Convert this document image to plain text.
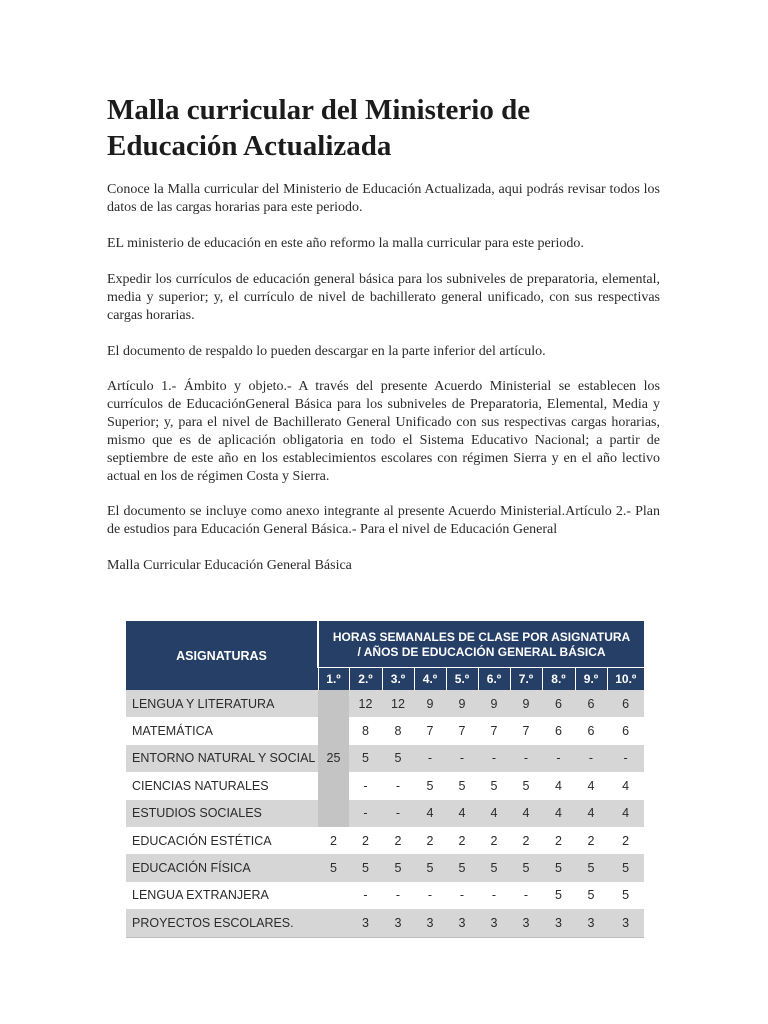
Malla curricular del Ministerio de Educación Actualizada

Conoce la Malla curricular del Ministerio de Educación Actualizada, aqui podrás revisar todos los datos de las cargas horarias para este periodo.

EL ministerio de educación en este año reformo la malla curricular para este periodo.

Expedir los currículos de educación general básica para los subniveles de preparatoria, elemental, media y superior; y, el currículo de nivel de bachillerato general unificado, con sus respectivas cargas horarias.

El documento de respaldo lo pueden descargar en la parte inferior del artículo.

Artículo 1.- Ámbito y objeto.- A través del presente Acuerdo Ministerial se establecen los currículos de EducaciónGeneral Básica para los subniveles de Preparatoria, Elemental, Media y Superior; y, para el nivel de Bachillerato General Unificado con sus respectivas cargas horarias, mismo que es de aplicación obligatoria en todo el Sistema Educativo Nacional; a partir de septiembre de este año en los establecimientos escolares con régimen Sierra y en el año lectivo actual en los de régimen Costa y Sierra.

El documento se incluye como anexo integrante al presente Acuerdo Ministerial.Artículo 2.- Plan de estudios para Educación General Básica.- Para el nivel de Educación General

Malla Curricular Educación General Básica

ASIGNATURAS	HORAS SEMANALES DE CLASE POR ASIGNATURA
/ AÑOS DE EDUCACIÓN GENERAL BÁSICA									

	1.º	2.º	3.º	4.º	5.º	6.º	7.º	8.º	9.º	10.º
LENGUA Y LITERATURA	25	12	12	9	9	9	9	6	6	6
MATEMÁTICA		8	8	7	7	7	7	6	6	6
ENTORNO NATURAL Y SOCIAL		5	5	-	-	-	-	-	-	-
CIENCIAS NATURALES		-	-	5	5	5	5	4	4	4
ESTUDIOS SOCIALES		-	-	4	4	4	4	4	4	4
EDUCACIÓN ESTÉTICA	2	2	2	2	2	2	2	2	2	2
EDUCACIÓN FÍSICA	5	5	5	5	5	5	5	5	5	5
LENGUA EXTRANJERA		-	-	-	-	-	-	5	5	5
PROYECTOS ESCOLARES.		3	3	3	3	3	3	3	3	3
